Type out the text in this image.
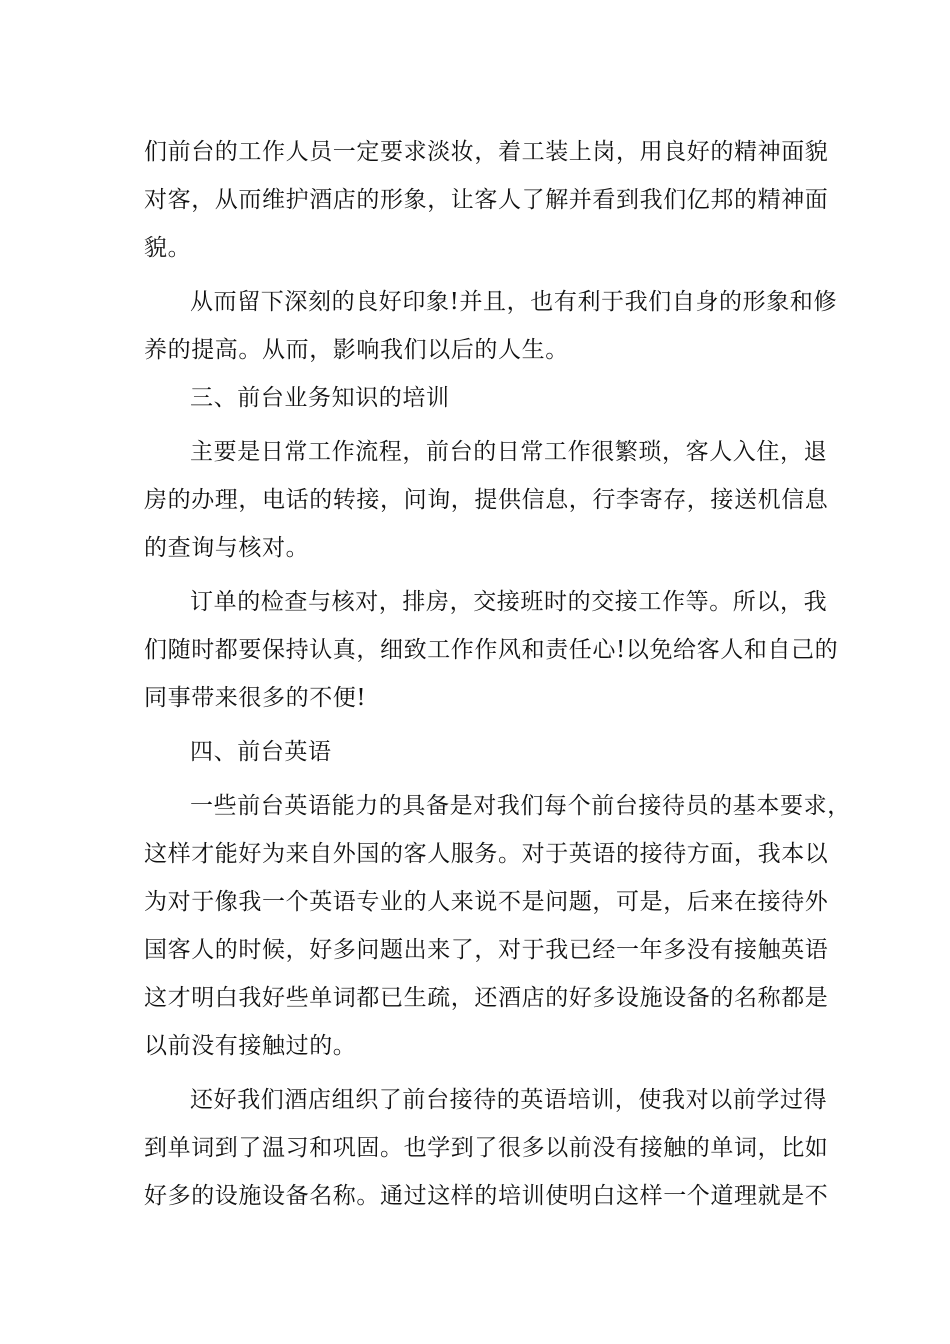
们前台的工作人员一定要求淡妆，着工装上岗，用良好的精神面貌
对客，从而维护酒店的形象，让客人了解并看到我们亿邦的精神面
貌。
从而留下深刻的良好印象!并且，也有利于我们自身的形象和修
养的提高。从而，影响我们以后的人生。
三、前台业务知识的培训
主要是日常工作流程，前台的日常工作很繁琐，客人入住，退
房的办理，电话的转接，问询，提供信息，行李寄存，接送机信息
的查询与核对。
订单的检查与核对，排房，交接班时的交接工作等。所以，我
们随时都要保持认真，细致工作作风和责任心!以免给客人和自己的
同事带来很多的不便!
四、前台英语
一些前台英语能力的具备是对我们每个前台接待员的基本要求，
这样才能好为来自外国的客人服务。对于英语的接待方面，我本以
为对于像我一个英语专业的人来说不是问题，可是，后来在接待外
国客人的时候，好多问题出来了，对于我已经一年多没有接触英语
这才明白我好些单词都已生疏，还酒店的好多设施设备的名称都是
以前没有接触过的。
还好我们酒店组织了前台接待的英语培训，使我对以前学过得
到单词到了温习和巩固。也学到了很多以前没有接触的单词，比如
好多的设施设备名称。通过这样的培训使明白这样一个道理就是不
